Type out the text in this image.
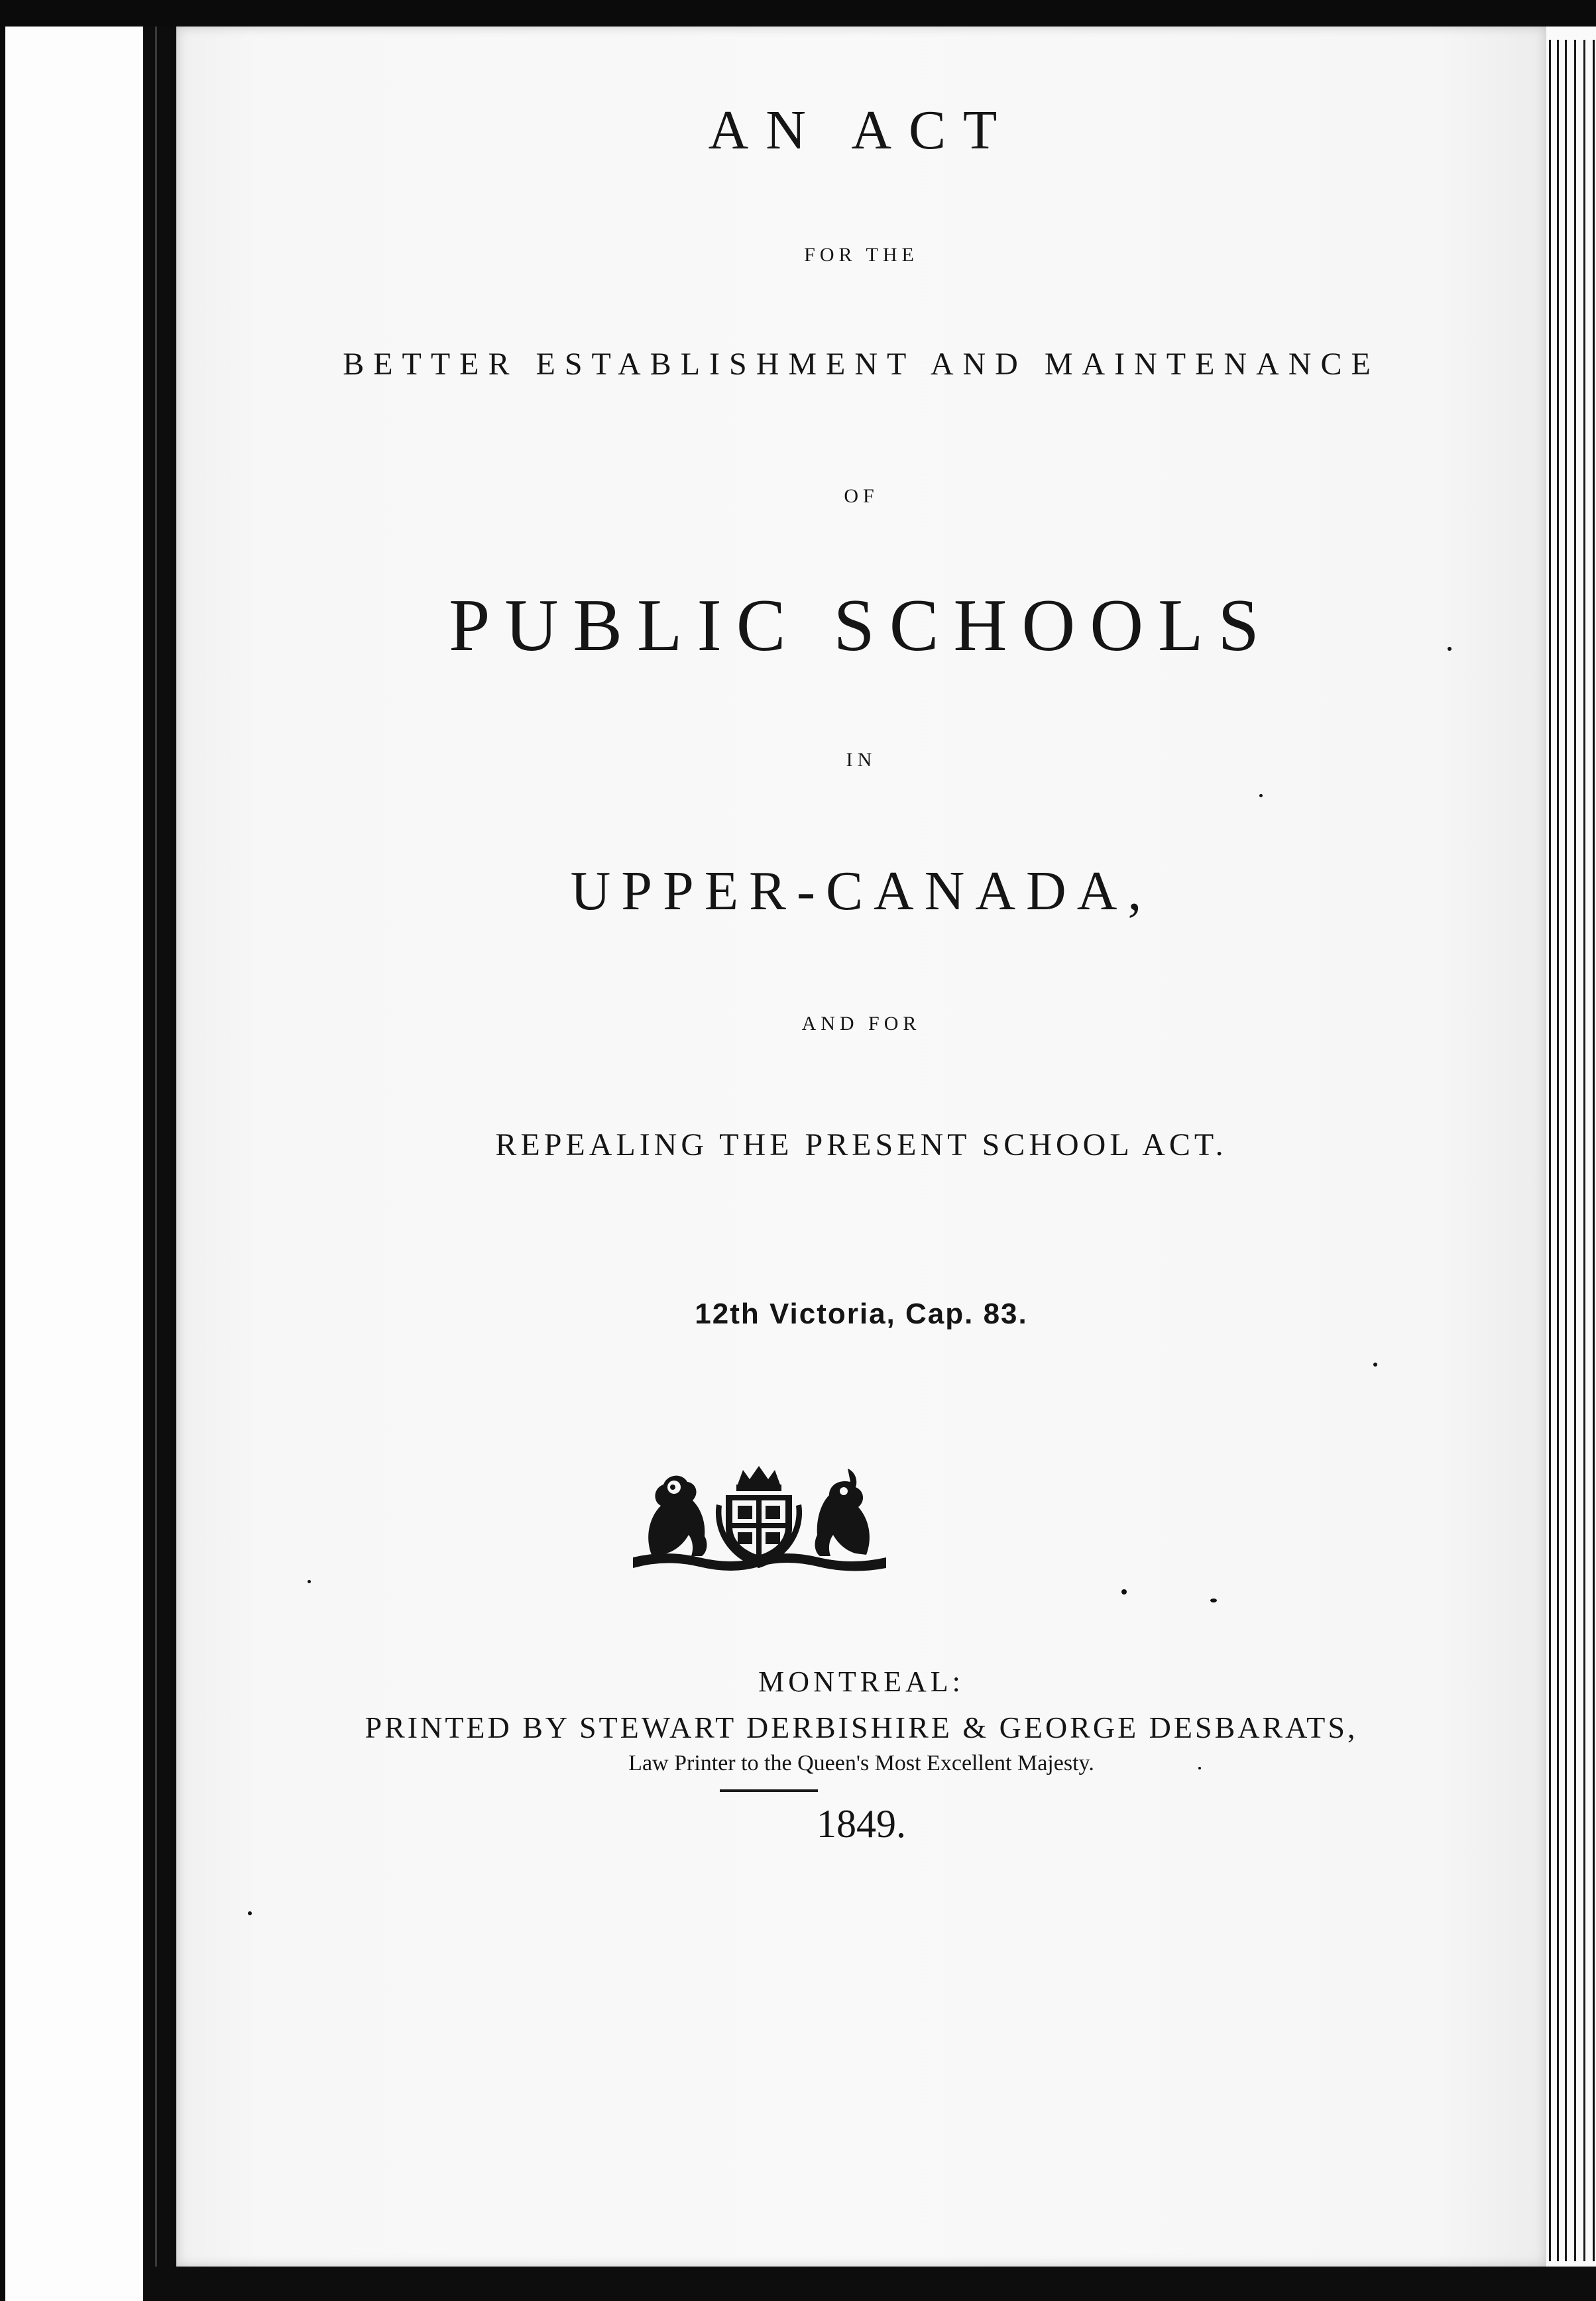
AN ACT
FOR THE
BETTER ESTABLISHMENT AND MAINTENANCE
OF
PUBLIC SCHOOLS
IN
UPPER-CANADA,
AND FOR
REPEALING THE PRESENT SCHOOL ACT.
12th Victoria, Cap. 83.
MONTREAL:
PRINTED BY STEWART DERBISHIRE & GEORGE DESBARATS,
Law Printer to the Queen's Most Excellent Majesty.
1849.
